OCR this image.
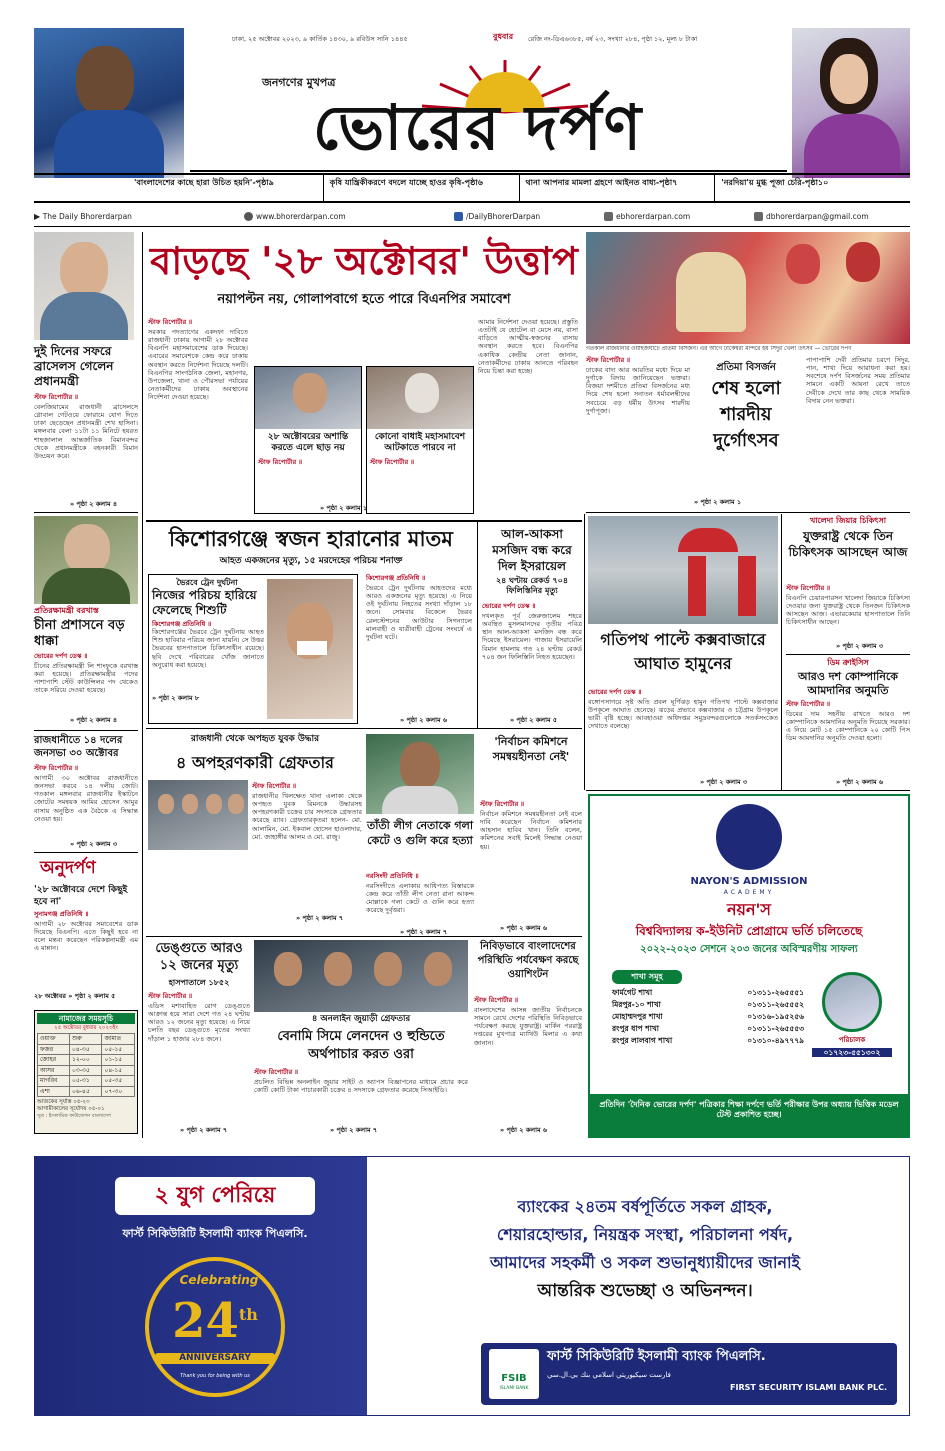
ঢাকা, ২৫ অক্টোবর ২০২৩, ৯ কার্তিক ১৪৩০, ৯ রবিউস সানি ১৪৪৫	বুধবার রেজি নং-ডিএ৬৩৮৫, বর্ষ ২৩, সংখ্যা ২৮৪, পৃষ্ঠা ১২, মূল্য ৮ টাকা
জনগণের মুখপত্র
ভোরের দর্পণ
'বাংলাদেশের কাছে হারা উচিত হয়নি'-পৃষ্ঠা৯	কৃষি যান্ত্রিকীকরণে বদলে যাচ্ছে হাওর কৃষি-পৃষ্ঠা৬	থানা আপনার মামলা গ্রহণে আইনত বাধ্য-পৃষ্ঠা৭	'নরদিয়া'য় মুগ্ধ পূজা চেরি-পৃষ্ঠা১০
▶ The Daily Bhorerdarpan	www.bhorerdarpan.com	/DailyBhorerDarpan	ebhorerdarpan.com	dbhorerdarpan@gmail.com
দুই দিনের সফরে ব্রাসেলস গেলেন প্রধানমন্ত্রী
স্টাফ রিপোর্টার ॥
বেলজিয়ামের রাজধানী ব্রাসেলসে গ্লোবাল গেটওয়ে ফোরামে যোগ দিতে ঢাকা ছেড়েছেন প্রধানমন্ত্রী শেখ হাসিনা। মঙ্গলবার বেলা ১১টা ১১ মিনিটে হযরত শাহজালাল আন্তর্জাতিক বিমানবন্দর থেকে প্রধানমন্ত্রীকে বহনকারী বিমান উড্ডয়ন করে।
» পৃষ্ঠা ২ কলাম ৪
প্রতিরক্ষামন্ত্রী বরখাস্ত
চীনা প্রশাসনে বড় ধাক্কা
ভোরের দর্পণ ডেস্ক ॥
চীনের প্রতিরক্ষামন্ত্রী লি শাংফুকে বরখাস্ত করা হয়েছে। প্রতিরক্ষামন্ত্রীর পদের পাশাপাশি স্টেট কাউন্সিলর পদ থেকেও তাকে সরিয়ে দেওয়া হয়েছে।
» পৃষ্ঠা ২ কলাম ৪
রাজধানীতে ১৪ দলের জনসভা ৩০ অক্টোবর
স্টাফ রিপোর্টার ॥
আগামী ৩০ অক্টোবর রাজধানীতে জনসভা করবে ১৪ দলীয় জোট। গতকাল মঙ্গলবার রাজধানীর ইস্কাটনে জোটের সমন্বয়ক আমির হোসেন আমুর বাসায় অনুষ্ঠিত এক বৈঠকে এ সিদ্ধান্ত নেওয়া হয়।
» পৃষ্ঠা ২ কলাম ৩
অনুদর্পণ
'২৮ অক্টোবরে দেশে কিছুই হবে না'
সুনামগঞ্জ প্রতিনিধি ॥
আগামী ২৮ অক্টোবর সমাবেশের ডাক দিয়েছে বিএনপি। এতে কিছুই হবে না বলে মন্তব্য করেছেন পরিকল্পনামন্ত্রী এম এ মান্নান।
২৮ অক্টোবর » পৃষ্ঠা ২ কলাম ৫
নামাজের সময়সূচি
২৫ অক্টোবর বুধবার ২০২৩ইং
ওয়াক্ত	শুরু	জামাত
ফজর	০৪-৩৫	০৫-১৫
জোহর	১২-০০	০১-১৫
আসর	০৩-৩৫	০৪-১৫
মাগরিব	০৫-৩১	০৫-৩৫
এশা	০৬-৪৫	০৭-৩০
আজকের সূর্যাস্ত ০৫-২৩
আগামীকালের সূর্যোদয় ০৫-০১
সূত্র : ইসলামিক ফাউন্ডেশন বাংলাদেশ
বাড়ছে '২৮ অক্টোবর' উত্তাপ
নয়াপল্টন নয়, গোলাপবাগে হতে পারে বিএনপির সমাবেশ
স্টাফ রিপোর্টার ॥
সরকার পদত্যাগের একদফা দাবিতে রাজধানী ঢাকায় আগামী ২৮ অক্টোবর বিএনপি মহাসমাবেশের ডাক দিয়েছে। এবারের সমাবেশকে কেন্দ্র করে ঢাকায় অবস্থান করতে নির্দেশনা দিয়েছে দলটি। বিএনপির সাংগঠনিক জেলা, মহানগর, উপজেলা, থানা ও পৌরসভা পর্যায়ের নেতাকর্মীদের ঢাকায় অবস্থানের নির্দেশনা দেওয়া হয়েছে।
আমার নির্দেশনা দেওয়া হয়েছে। প্রস্তুতি এতটাই যে হোটেল বা মেসে নয়, বাসা বাড়িতে আত্মীয়-স্বজনের বাসায় অবস্থান করতে হবে। বিএনপির একাধিক কেন্দ্রীয় নেতা জানান, নেতাকর্মীদের ঢাকায় আনতে পরিবহন নিয়ে চিন্তা করা হচ্ছে।
২৮ অক্টোবরের অশান্তি করতে এলে ছাড় নয়
স্টাফ রিপোর্টার ॥
কোনো বাধাই মহাসমাবেশ আটকাতে পারবে না
স্টাফ রিপোর্টার ॥
» পৃষ্ঠা ২ কলাম ১
গতকাল রাজধানীর ওয়াইজঘাটে প্রতিমা বিসর্জন। এর আগে ঢাকেশ্বরী মন্দিরে হয় সিঁদুর খেলা উৎসব — ভোরের দর্পণ
স্টাফ রিপোর্টার ॥
ঢাকের বাদ্য আর আরতির মধ্যে দিয়ে মা দুর্গাকে বিদায় জানিয়েছেন ভক্তরা। বিজয়া দশমীতে প্রতিমা বিসর্জনের মধ্য দিয়ে শেষ হলো সনাতন ধর্মাবলম্বীদের সবচেয়ে বড় ধর্মীয় উৎসব শারদীয় দুর্গাপূজা।
প্রতিমা বিসর্জন
শেষ হলো শারদীয় দুর্গোৎসব
পাপাপাশি দেবী প্রতিমার চরণে সিঁদুর, পান, শাখা দিয়ে আরাধনা করা হয়। সবশেষে দর্পণ বিসর্জনের সময় প্রতিমার সামনে একটি আয়না রেখে তাতে দেবীকে দেখে তার কাছ থেকে সাময়িক বিদায় নেন ভক্তরা।
» পৃষ্ঠা ২ কলাম ১
কিশোরগঞ্জে স্বজন হারানোর মাতম
আহত একজনের মৃত্যু, ১৫ মরদেহের পরিচয় শনাক্ত
ভৈরবে ট্রেন দুর্ঘটনা
নিজের পরিচয় হারিয়ে ফেলেছে শিশুটি
কিশোরগঞ্জ প্রতিনিধি ॥
কিশোরগঞ্জের ভৈরবে ট্রেন দুর্ঘটনায় আহত শিশু হাবিবার পরিচয় জানা যায়নি। সে উত্তর ভৈরবের হাসপাতালে চিকিৎসাধীন রয়েছে। ছবি দেখে পরিবারের খোঁজ জানাতে অনুরোধ করা হয়েছে।
» পৃষ্ঠা ২ কলাম ৮
কিশোরগঞ্জ প্রতিনিধি ॥
ভৈরবে ট্রেন দুর্ঘটনায় আহতদের মধ্যে আরও একজনের মৃত্যু হয়েছে। এ নিয়ে ওই দুর্ঘটনায় নিহতের সংখ্যা দাঁড়াল ১৮ জনে। সোমবার বিকেলে ভৈরব রেলস্টেশনের আউটার সিগন্যালে মালবাহী ও যাত্রীবাহী ট্রেনের সংঘর্ষে এ দুর্ঘটনা ঘটে।
» পৃষ্ঠা ২ কলাম ৬
আল-আকসা মসজিদ বন্ধ করে দিল ইসরায়েল
২৪ ঘণ্টায় রেকর্ড ৭০৪ ফিলিস্তিনির মৃত্যু
ভোরের দর্পণ ডেস্ক ॥
দখলকৃত পূর্ব জেরুজালেম শহরে অবস্থিত মুসলমানদের তৃতীয় পবিত্র স্থান আল-আকসা মসজিদ বন্ধ করে দিয়েছে ইসরায়েল। গাজায় ইসরায়েলি বিমান হামলায় গত ২৪ ঘণ্টায় রেকর্ড ৭০৪ জন ফিলিস্তিনি নিহত হয়েছেন।
» পৃষ্ঠা ২ কলাম ৫
গতিপথ পাল্টে কক্সবাজারে আঘাত হামুনের
ভোরের দর্পণ ডেস্ক ॥
বঙ্গোপসাগরে সৃষ্ট অতি প্রবল ঘূর্ণিঝড় হামুন গতিপথ পাল্টে কক্সবাজার উপকূলে আঘাত হেনেছে। ঝড়ের প্রভাবে কক্সবাজার ও চট্টগ্রাম উপকূলে ভারী বৃষ্টি হচ্ছে। আবহাওয়া অধিদপ্তর সমুদ্রবন্দরগুলোকে সতর্কসংকেত দেখাতে বলেছে।
» পৃষ্ঠা ২ কলাম ৩
খালেদা জিয়ার চিকিৎসা
যুক্তরাষ্ট্র থেকে তিন চিকিৎসক আসছেন আজ
স্টাফ রিপোর্টার ॥
বিএনপি চেয়ারপারসন খালেদা জিয়াকে চিকিৎসা দেওয়ার জন্য যুক্তরাষ্ট্র থেকে তিনজন চিকিৎসক আসছেন আজ। এভারকেয়ার হাসপাতালে তিনি চিকিৎসাধীন আছেন।
» পৃষ্ঠা ২ কলাম ৩
ডিম ক্রাইসিস
আরও দশ কোম্পানিকে আমদানির অনুমতি
স্টাফ রিপোর্টার ॥
ডিমের দাম সহনীয় রাখতে আরও দশ কোম্পানিকে আমদানির অনুমতি দিয়েছে সরকার। এ নিয়ে মোট ১৫ কোম্পানিকে ২০ কোটি পিস ডিম আমদানির অনুমতি দেওয়া হলো।
» পৃষ্ঠা ২ কলাম ৬
রাজধানী থেকে অপহৃত যুবক উদ্ধার
৪ অপহরণকারী গ্রেফতার
স্টাফ রিপোর্টার ॥
রাজধানীর খিলক্ষেত থানা এলাকা থেকে অপহৃত যুবক রিমনকে উদ্ধারসহ অপহরণকারী চক্রের চার সদস্যকে গ্রেফতার করেছে র‍্যাব। গ্রেফতারকৃতরা হলেন- মো. আলামিন, মো. ইকবাল হোসেন হাওলাদার, মো. জাহাঙ্গীর আলম ও মো. রাজু।
» পৃষ্ঠা ২ কলাম ৭
তাঁতী লীগ নেতাকে গলা কেটে ও গুলি করে হত্যা
নরসিংদী প্রতিনিধি ॥
নরসিংদীতে এলাকায় আধিপত্য বিস্তারকে কেন্দ্র করে তাঁতী লীগ নেতা রানা আকন্দ মোল্লাকে গলা কেটে ও গুলি করে হত্যা করেছে দুর্বৃত্তরা।
» পৃষ্ঠা ২ কলাম ৭
'নির্বাচন কমিশনে সমন্বয়হীনতা নেই'
স্টাফ রিপোর্টার ॥
নির্বাচন কমিশনে সমন্বয়হীনতা নেই বলে দাবি করেছেন নির্বাচন কমিশনার আহসান হাবিব খান। তিনি বলেন, কমিশনের সবাই মিলেই সিদ্ধান্ত নেওয়া হয়।
» পৃষ্ঠা ২ কলাম ৬
ডেঙ্গুতে আরও ১২ জনের মৃত্যু
হাসপাতালে ১৮৫২
স্টাফ রিপোর্টার ॥
এডিস মশাবাহিত রোগ ডেঙ্গুতে আক্রান্ত হয়ে সারা দেশে গত ২৪ ঘণ্টায় আরও ১২ জনের মৃত্যু হয়েছে। এ নিয়ে চলতি বছর ডেঙ্গুতে মৃতের সংখ্যা দাঁড়াল ১ হাজার ২৮৪ জনে।
» পৃষ্ঠা ২ কলাম ৭
৪ অনলাইন জুয়াড়ী গ্রেফতার
বেনামি সিমে লেনদেন ও হুন্ডিতে অর্থপাচার করত ওরা
স্টাফ রিপোর্টার ॥
প্রচলিত বিভিন্ন অনলাইন জুয়ার সাইট ও অ্যাপস বিজ্ঞাপনের মাধ্যমে প্রচার করে কোটি কোটি টাকা পাচারকারী চক্রের ৪ সদস্যকে গ্রেফতার করেছে সিআইডি।
» পৃষ্ঠা ২ কলাম ৭
নিবিড়ভাবে বাংলাদেশের পরিস্থিতি পর্যবেক্ষণ করছে ওয়াশিংটন
স্টাফ রিপোর্টার ॥
বাংলাদেশের আসন্ন জাতীয় নির্বাচনকে সামনে রেখে দেশের পরিস্থিতি নিবিড়ভাবে পর্যবেক্ষণ করছে যুক্তরাষ্ট্র। মার্কিন পররাষ্ট্র দপ্তরের মুখপাত্র ম্যাথিউ মিলার এ কথা জানান।
» পৃষ্ঠা ২ কলাম ৬
NAYON'S ADMISSION
ACADEMY
নয়ন'স
বিশ্ববিদ্যালয় ক-ইউনিট প্রোগ্রামে ভর্তি চলিতেছে
২০২২-২০২৩ সেশনে ২০৩ জনের অবিস্মরণীয় সাফল্য
শাখা সমূহ
ফার্মগেট শাখা	০১৩১১-২৬৫৫৫১
মিরপুর-১০ শাখা	০১৩১১-২৬৫৫৫২
মোহাম্মদপুর শাখা	০১৩১৬-১৯৫২৫৬
রংপুর ধাপ শাখা	০১৩১১-২৬৫৫৫৩
রংপুর লালবাগ শাখা	০১৩১০-৪৯৭৭৭৯	পরিচালক
০১৭২৩-৫৫১৩০২
প্রতিদিন 'দৈনিক ভোরের দর্পণ' পত্রিকার শিক্ষা দর্পণে ভর্তি পরীক্ষার উপর অধ্যায় ভিত্তিক মডেল টেস্ট প্রকাশিত হচ্ছে।
২ যুগ পেরিয়ে
ফার্স্ট সিকিউরিটি ইসলামী ব্যাংক পিএলসি.
Celebrating
24th
ANNIVERSARY
Thank you for being with us
ব্যাংকের ২৪তম বর্ষপূর্তিতে সকল গ্রাহক,
শেয়ারহোল্ডার, নিয়ন্ত্রক সংস্থা, পরিচালনা পর্ষদ,
আমাদের সহকর্মী ও সকল শুভানুধ্যায়ীদের জানাই
আন্তরিক শুভেচ্ছা ও অভিনন্দন।
FSIB
ISLAMI BANK
ফার্স্ট সিকিউরিটি ইসলামী ব্যাংক পিএলসি.
فارست سيكيوريتي اسلامي بنك بي.ال.سي
FIRST SECURITY ISLAMI BANK PLC.
